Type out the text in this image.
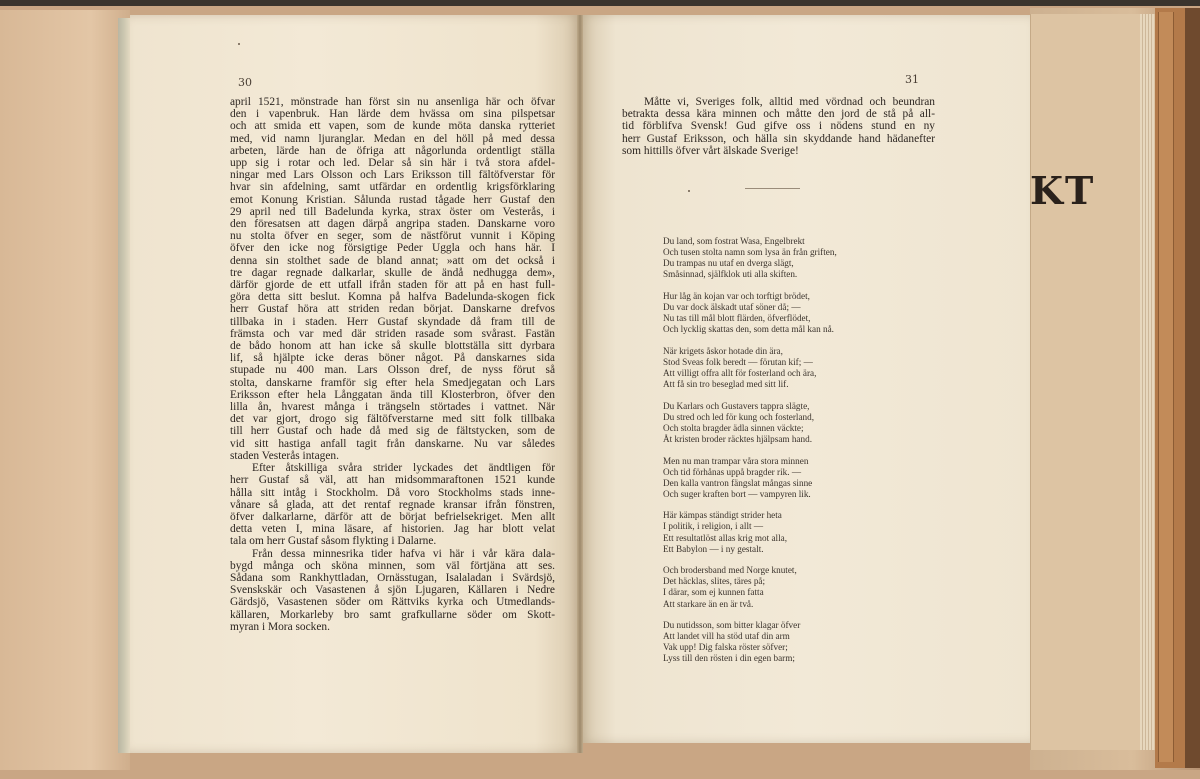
KT
30

april 1521, mönstrade han först sin nu ansenliga här och öfvar
den i vapenbruk. Han lärde dem hvässa om sina pilspetsar
och att smida ett vapen, som de kunde möta danska rytteriet
med, vid namn ljuranglar. Medan en del höll på med dessa
arbeten, lärde han de öfriga att någorlunda ordentligt ställa
upp sig i rotar och led. Delar så sin här i två stora afdel-
ningar med Lars Olsson och Lars Eriksson till fältöfverstar för
hvar sin afdelning, samt utfärdar en ordentlig krigsförklaring
emot Konung Kristian. Sålunda rustad tågade herr Gustaf den
29 april ned till Badelunda kyrka, strax öster om Vesterås, i
den föresatsen att dagen därpå angripa staden. Danskarne voro
nu stolta öfver en seger, som de nästförut vunnit i Köping
öfver den icke nog försigtige Peder Uggla och hans här. I
denna sin stolthet sade de bland annat; »att om det också i
tre dagar regnade dalkarlar, skulle de ändå nedhugga dem»,
därför gjorde de ett utfall ifrån staden för att på en hast full-
göra detta sitt beslut. Komna på halfva Badelunda-skogen fick
herr Gustaf höra att striden redan börjat. Danskarne drefvos
tillbaka in i staden. Herr Gustaf skyndade då fram till de
främsta och var med där striden rasade som svårast. Fastän
de bådo honom att han icke så skulle blottställa sitt dyrbara
lif, så hjälpte icke deras böner något. På danskarnes sida
stupade nu 400 man. Lars Olsson dref, de nyss förut så
stolta, danskarne framför sig efter hela Smedjegatan och Lars
Eriksson efter hela Långgatan ända till Klosterbron, öfver den
lilla ån, hvarest många i trängseln störtades i vattnet. När
det var gjort, drogo sig fältöfverstarne med sitt folk tillbaka
till herr Gustaf och hade då med sig de fältstycken, som de
vid sitt hastiga anfall tagit från danskarne. Nu var således
staden Vesterås intagen.

Efter åtskilliga svåra strider lyckades det ändtligen för
herr Gustaf så väl, att han midsommaraftonen 1521 kunde
hålla sitt intåg i Stockholm. Då voro Stockholms stads inne-
vånare så glada, att det rentaf regnade kransar ifrån fönstren,
öfver dalkarlarne, därför att de börjat befrielsekriget. Men allt
detta veten I, mina läsare, af historien. Jag har blott velat
tala om herr Gustaf såsom flykting i Dalarne.

Från dessa minnesrika tider hafva vi här i vår kära dala-
bygd många och sköna minnen, som väl förtjäna att ses.
Sådana som Rankhyttladan, Ornässtugan, Isalaladan i Svärdsjö,
Svenskskär och Vasastenen å sjön Ljugaren, Källaren i Nedre
Gärdsjö, Vasastenen söder om Rättviks kyrka och Utmedlands-
källaren, Morkarleby bro samt grafkullarne söder om Skott-
myran i Mora socken.

31

Måtte vi, Sveriges folk, alltid med vördnad och beundran
betrakta dessa kära minnen och måtte den jord de stå på all-
tid förblifva Svensk! Gud gifve oss i nödens stund en ny
herr Gustaf Eriksson, och hälla sin skyddande hand hädanefter
som hittills öfver vårt älskade Sverige!

Du land, som fostrat Wasa, Engelbrekt
Och tusen stolta namn som lysa än från griften,
Du trampas nu utaf en dverga slägt,
Småsinnad, själfklok uti alla skiften.
Hur låg än kojan var och torftigt brödet,
Du var dock älskadt utaf söner då; —
Nu tas till mål blott flärden, öfverflödet,
Och lycklig skattas den, som detta mål kan nå.
När krigets åskor hotade din ära,
Stod Sveas folk beredt — förutan kif; —
Att villigt offra allt för fosterland och ära,
Att få sin tro beseglad med sitt lif.
Du Karlars och Gustavers tappra slägte,
Du stred och led för kung och fosterland,
Och stolta bragder ädla sinnen väckte;
Åt kristen broder räcktes hjälpsam hand.
Men nu man trampar våra stora minnen
Och tid förhånas uppå bragder rik. —
Den kalla vantron fängslat mångas sinne
Och suger kraften bort — vampyren lik.
Här kämpas ständigt strider heta
I politik, i religion, i allt —
Ett resultatlöst allas krig mot alla,
Ett Babylon — i ny gestalt.
Och brodersband med Norge knutet,
Det häcklas, slites, täres på;
I därar, som ej kunnen fatta
Att starkare än en är två.
Du nutidsson, som bitter klagar öfver
Att landet vill ha stöd utaf din arm
Vak upp! Dig falska röster söfver;
Lyss till den rösten i din egen barm;
